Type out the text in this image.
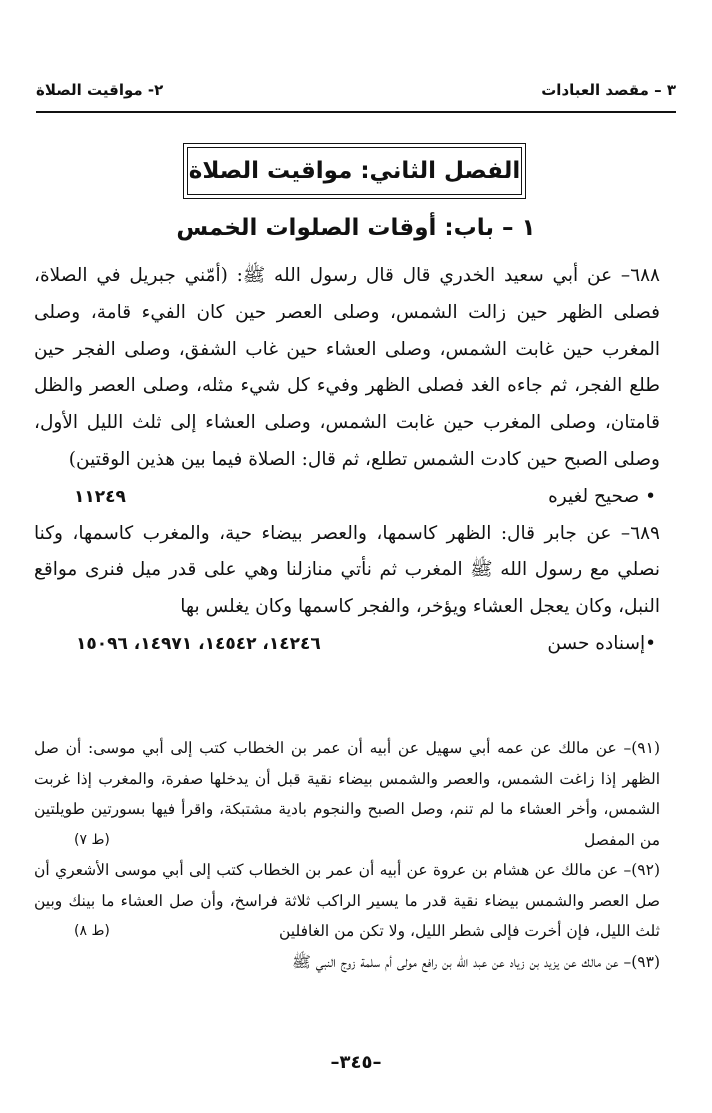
٣ – مقصد العبادات
٢- مواقيت الصلاة
الفصل الثاني: مواقيت الصلاة
١ – باب: أوقات الصلوات الخمس

٦٨٨– عن أبي سعيد الخدري قال قال رسول الله ﷺ: (أمّني جبريل في الصلاة، فصلى الظهر حين زالت الشمس، وصلى العصر حين كان الفيء قامة، وصلى المغرب حين غابت الشمس، وصلى العشاء حين غاب الشفق، وصلى الفجر حين طلع الفجر، ثم جاءه الغد فصلى الظهر وفيء كل شيء مثله، وصلى العصر والظل قامتان، وصلى المغرب حين غابت الشمس، وصلى العشاء إلى ثلث الليل الأول، وصلى الصبح حين كادت الشمس تطلع، ثم قال: الصلاة فيما بين هذين الوقتين)

• صحيح لغيره
١١٢٤٩

٦٨٩– عن جابر قال: الظهر كاسمها، والعصر بيضاء حية، والمغرب كاسمها، وكنا نصلي مع رسول الله ﷺ المغرب ثم نأتي منازلنا وهي على قدر ميل فنرى مواقع النبل، وكان يعجل العشاء ويؤخر، والفجر كاسمها وكان يغلس بها

•إسناده حسن
١٤٢٤٦، ١٤٥٤٢، ١٤٩٧١، ١٥٠٩٦

(٩١)– عن مالك عن عمه أبي سهيل عن أبيه أن عمر بن الخطاب كتب إلى أبي موسى: أن صل الظهر إذا زاغت الشمس، والعصر والشمس بيضاء نقية قبل أن يدخلها صفرة، والمغرب إذا غربت الشمس، وأخر العشاء ما لم تنم، وصل الصبح والنجوم بادية مشتبكة، واقرأ فيها بسورتين طويلتين من المفصل
(ط ٧)

(٩٢)– عن مالك عن هشام بن عروة عن أبيه أن عمر بن الخطاب كتب إلى أبي موسى الأشعري أن صل العصر والشمس بيضاء نقية قدر ما يسير الراكب ثلاثة فراسخ، وأن صل العشاء ما بينك وبين ثلث الليل، فإن أخرت فإلى شطر الليل، ولا تكن من الغافلين
(ط ٨)

(٩٣)– عن مالك عن يزيد بن زياد عن عبد الله بن رافع مولى أم سلمة زوج النبي ﷺ

–٣٤٥–
